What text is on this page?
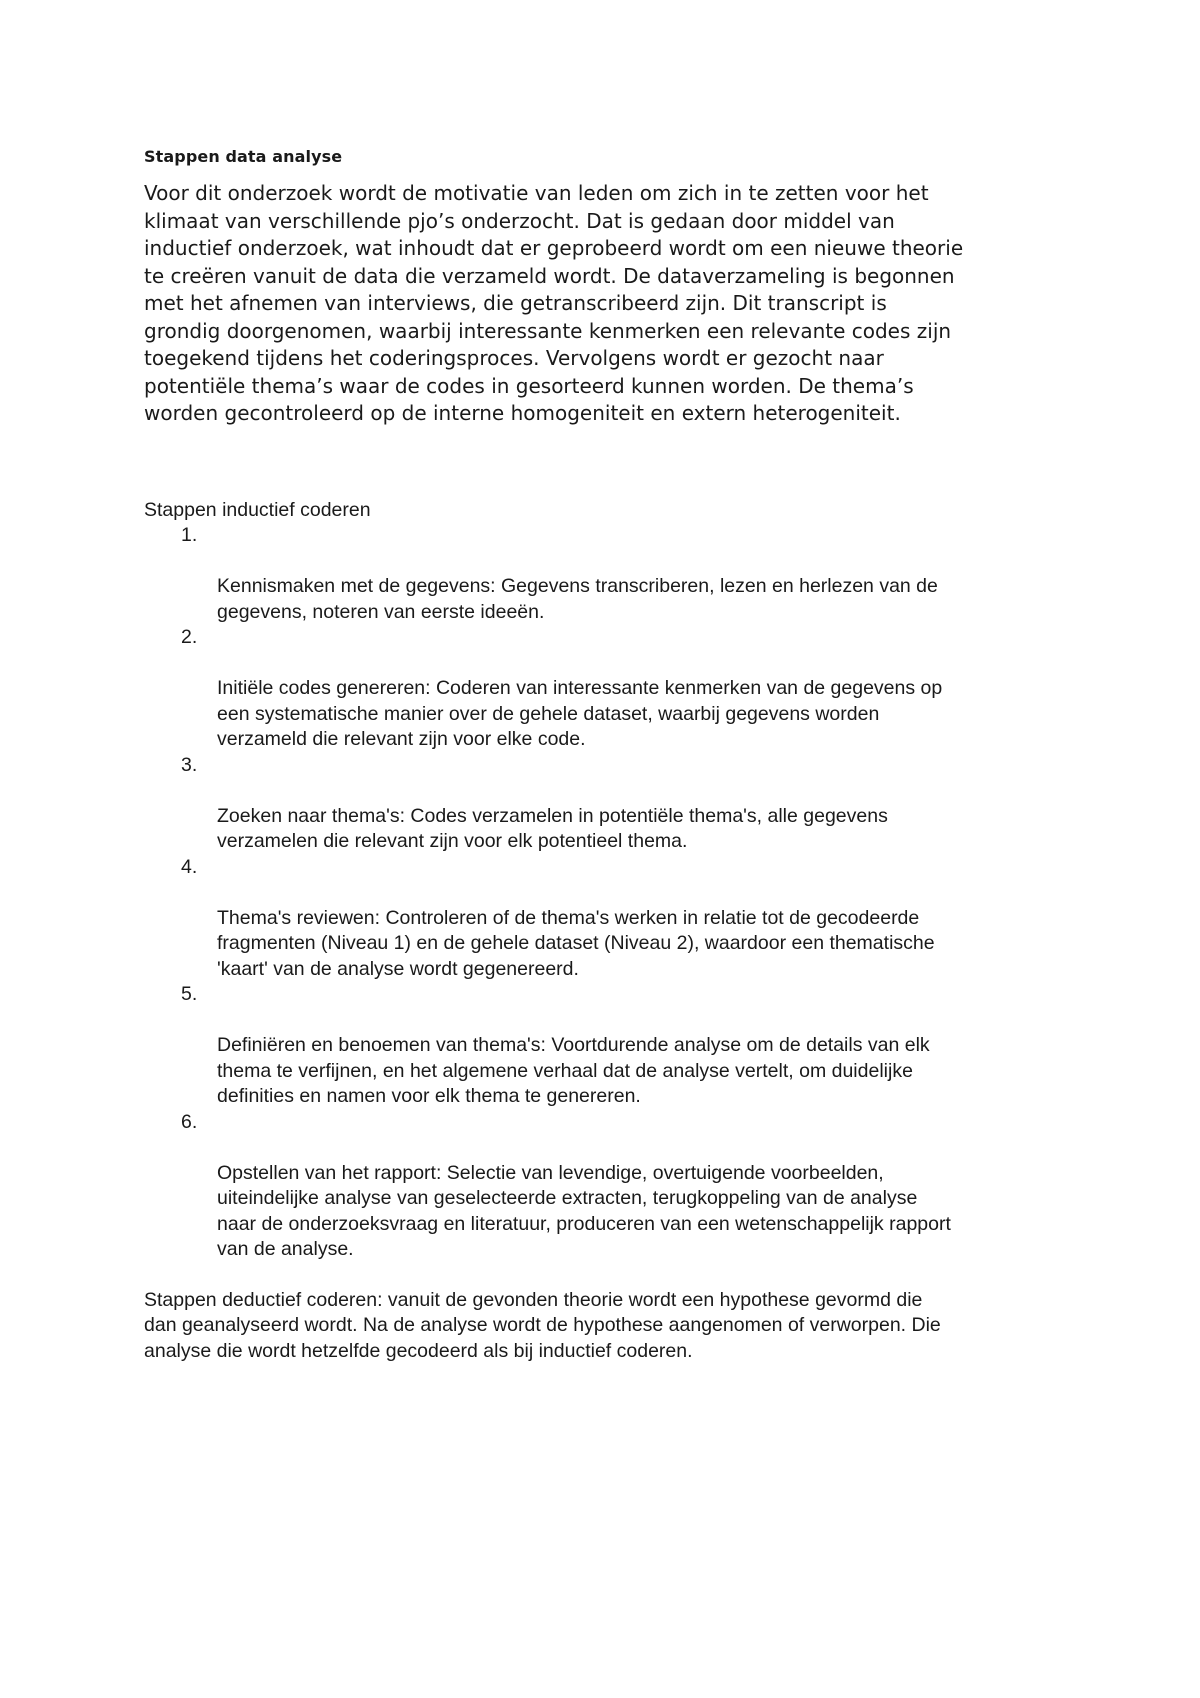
Stappen data analyse

Voor dit onderzoek wordt de motivatie van leden om zich in te zetten voor het
klimaat van verschillende pjo’s onderzocht. Dat is gedaan door middel van
inductief onderzoek, wat inhoudt dat er geprobeerd wordt om een nieuwe theorie
te creëren vanuit de data die verzameld wordt. De dataverzameling is begonnen
met het afnemen van interviews, die getranscribeerd zijn. Dit transcript is
grondig doorgenomen, waarbij interessante kenmerken een relevante codes zijn
toegekend tijdens het coderingsproces. Vervolgens wordt er gezocht naar
potentiële thema’s waar de codes in gesorteerd kunnen worden. De thema’s
worden gecontroleerd op de interne homogeniteit en extern heterogeniteit.

Stappen inductief coderen

1.

Kennismaken met de gegevens: Gegevens transcriberen, lezen en herlezen van de
gegevens, noteren van eerste ideeën.

2.

Initiële codes genereren: Coderen van interessante kenmerken van de gegevens op
een systematische manier over de gehele dataset, waarbij gegevens worden
verzameld die relevant zijn voor elke code.

3.

Zoeken naar thema's: Codes verzamelen in potentiële thema's, alle gegevens
verzamelen die relevant zijn voor elk potentieel thema.

4.

Thema's reviewen: Controleren of de thema's werken in relatie tot de gecodeerde
fragmenten (Niveau 1) en de gehele dataset (Niveau 2), waardoor een thematische
'kaart' van de analyse wordt gegenereerd.

5.

Definiëren en benoemen van thema's: Voortdurende analyse om de details van elk
thema te verfijnen, en het algemene verhaal dat de analyse vertelt, om duidelijke
definities en namen voor elk thema te genereren.

6.

Opstellen van het rapport: Selectie van levendige, overtuigende voorbeelden,
uiteindelijke analyse van geselecteerde extracten, terugkoppeling van de analyse
naar de onderzoeksvraag en literatuur, produceren van een wetenschappelijk rapport
van de analyse.

Stappen deductief coderen: vanuit de gevonden theorie wordt een hypothese gevormd die
dan geanalyseerd wordt. Na de analyse wordt de hypothese aangenomen of verworpen. Die
analyse die wordt hetzelfde gecodeerd als bij inductief coderen.
